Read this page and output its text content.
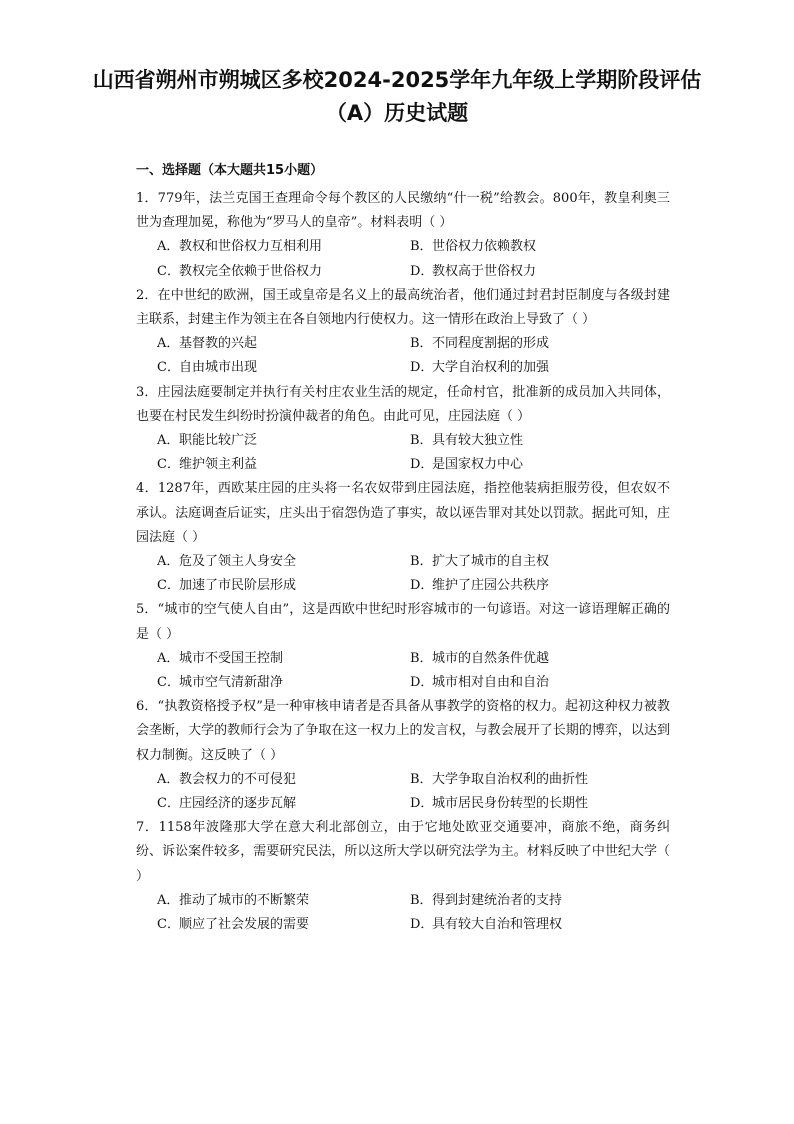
山西省朔州市朔城区多校2024-2025学年九年级上学期阶段评估（A）历史试题
一、选择题（本大题共15小题）

1．779年，法兰克国王查理命令每个教区的人民缴纳“什一税”给教会。800年，教皇利奥三世为查理加冕，称他为“罗马人的皇帝”。材料表明（ ）

A．教权和世俗权力互相利用	B．世俗权力依赖教权
C．教权完全依赖于世俗权力	D．教权高于世俗权力

2．在中世纪的欧洲，国王或皇帝是名义上的最高统治者，他们通过封君封臣制度与各级封建主联系，封建主作为领主在各自领地内行使权力。这一情形在政治上导致了（ ）

A．基督教的兴起	B．不同程度割据的形成
C．自由城市出现	D．大学自治权利的加强

3．庄园法庭要制定并执行有关村庄农业生活的规定，任命村官，批准新的成员加入共同体，也要在村民发生纠纷时扮演仲裁者的角色。由此可见，庄园法庭（ ）

A．职能比较广泛	B．具有较大独立性
C．维护领主利益	D．是国家权力中心

4．1287年，西欧某庄园的庄头将一名农奴带到庄园法庭，指控他装病拒服劳役，但农奴不承认。法庭调查后证实，庄头出于宿怨伪造了事实，故以诬告罪对其处以罚款。据此可知，庄园法庭（ ）

A．危及了领主人身安全	B．扩大了城市的自主权
C．加速了市民阶层形成	D．维护了庄园公共秩序

5．“城市的空气使人自由”，这是西欧中世纪时形容城市的一句谚语。对这一谚语理解正确的是（ ）

A．城市不受国王控制	B．城市的自然条件优越
C．城市空气清新甜净	D．城市相对自由和自治

6．“执教资格授予权”是一种审核申请者是否具备从事教学的资格的权力。起初这种权力被教会垄断，大学的教师行会为了争取在这一权力上的发言权，与教会展开了长期的博弈，以达到权力制衡。这反映了（ ）

A．教会权力的不可侵犯	B．大学争取自治权利的曲折性
C．庄园经济的逐步瓦解	D．城市居民身份转型的长期性

7．1158年波隆那大学在意大利北部创立，由于它地处欧亚交通要冲，商旅不绝，商务纠纷、诉讼案件较多，需要研究民法，所以这所大学以研究法学为主。材料反映了中世纪大学（ ）

A．推动了城市的不断繁荣	B．得到封建统治者的支持
C．顺应了社会发展的需要	D．具有较大自治和管理权
